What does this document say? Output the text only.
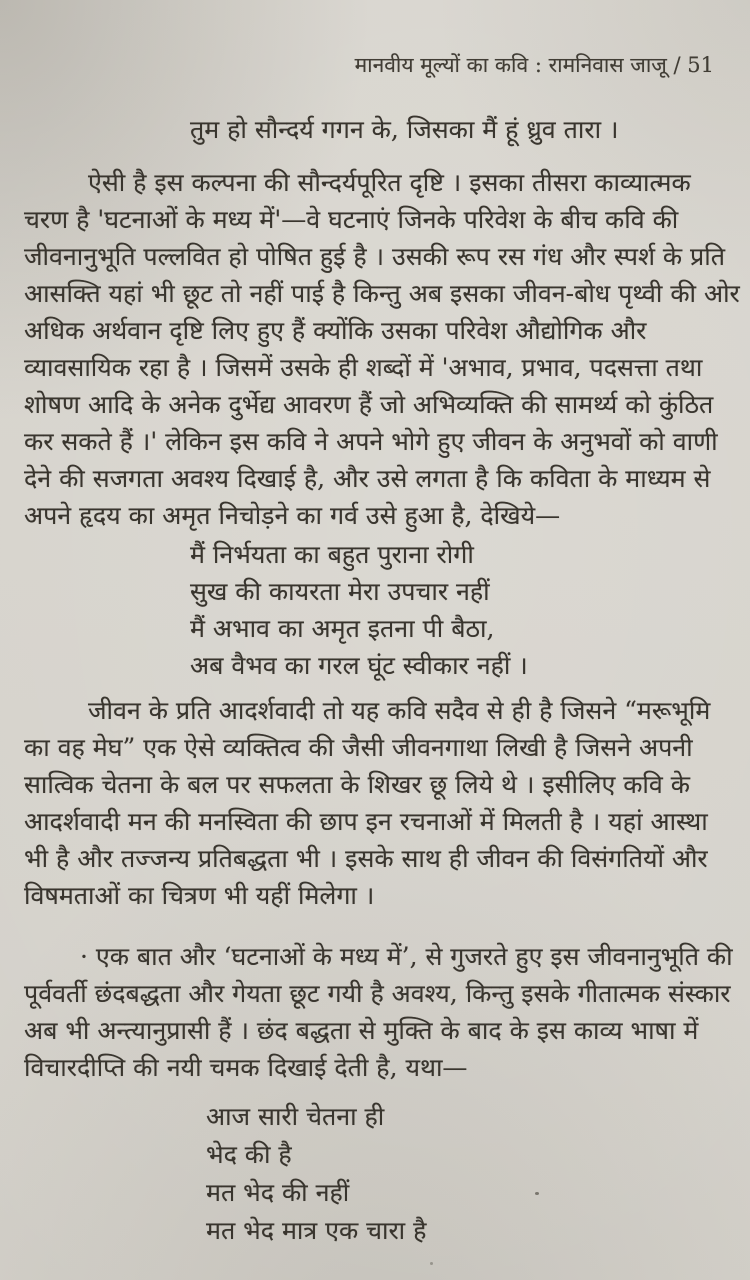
मानवीय मूल्यों का कवि : रामनिवास जाजू / 51
तुम हो सौन्दर्य गगन के, जिसका मैं हूं ध्रुव तारा ।
ऐसी है इस कल्पना की सौन्दर्यपूरित दृष्टि । इसका तीसरा काव्यात्मक
चरण है 'घटनाओं के मध्य में'—वे घटनाएं जिनके परिवेश के बीच कवि की
जीवनानुभूति पल्लवित हो पोषित हुई है । उसकी रूप रस गंध और स्पर्श के प्रति
आसक्ति यहां भी छूट तो नहीं पाई है किन्तु अब इसका जीवन-बोध पृथ्वी की ओर
अधिक अर्थवान दृष्टि लिए हुए हैं क्योंकि उसका परिवेश औद्योगिक और
व्यावसायिक रहा है । जिसमें उसके ही शब्दों में 'अभाव, प्रभाव, पदसत्ता तथा
शोषण आदि के अनेक दुर्भेद्य आवरण हैं जो अभिव्यक्ति की सामर्थ्य को कुंठित
कर सकते हैं ।' लेकिन इस कवि ने अपने भोगे हुए जीवन के अनुभवों को वाणी
देने की सजगता अवश्य दिखाई है, और उसे लगता है कि कविता के माध्यम से
अपने हृदय का अमृत निचोड़ने का गर्व उसे हुआ है, देखिये—
मैं निर्भयता का बहुत पुराना रोगी
सुख की कायरता मेरा उपचार नहीं
मैं अभाव का अमृत इतना पी बैठा,
अब वैभव का गरल घूंट स्वीकार नहीं ।
जीवन के प्रति आदर्शवादी तो यह कवि सदैव से ही है जिसने “मरूभूमि
का वह मेघ” एक ऐसे व्यक्तित्व की जैसी जीवनगाथा लिखी है जिसने अपनी
सात्विक चेतना के बल पर सफलता के शिखर छू लिये थे । इसीलिए कवि के
आदर्शवादी मन की मनस्विता की छाप इन रचनाओं में मिलती है । यहां आस्था
भी है और तज्जन्य प्रतिबद्धता भी । इसके साथ ही जीवन की विसंगतियों और
विषमताओं का चित्रण भी यहीं मिलेगा ।
· एक बात और ‘घटनाओं के मध्य में’, से गुजरते हुए इस जीवनानुभूति की
पूर्ववर्ती छंदबद्धता और गेयता छूट गयी है अवश्य, किन्तु इसके गीतात्मक संस्कार
अब भी अन्त्यानुप्रासी हैं । छंद बद्धता से मुक्ति के बाद के इस काव्य भाषा में
विचारदीप्ति की नयी चमक दिखाई देती है, यथा—
आज सारी चेतना ही
भेद की है
मत भेद की नहीं
मत भेद मात्र एक चारा है
